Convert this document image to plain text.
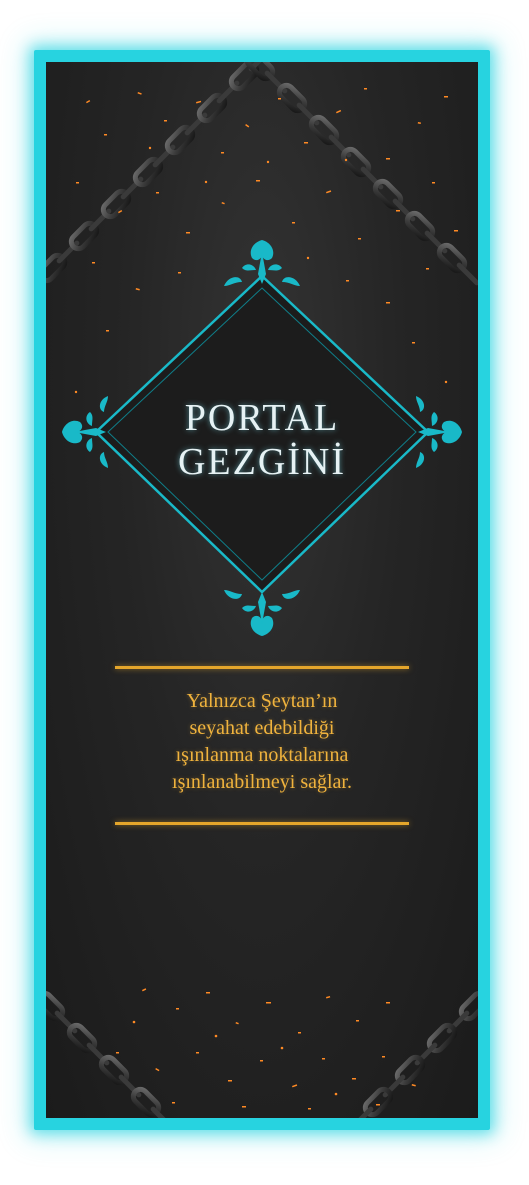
PORTAL
GEZGİNİ
Yalnızca Şeytan’ın
seyahat edebildiği
ışınlanma noktalarına
ışınlanabilmeyi sağlar.
